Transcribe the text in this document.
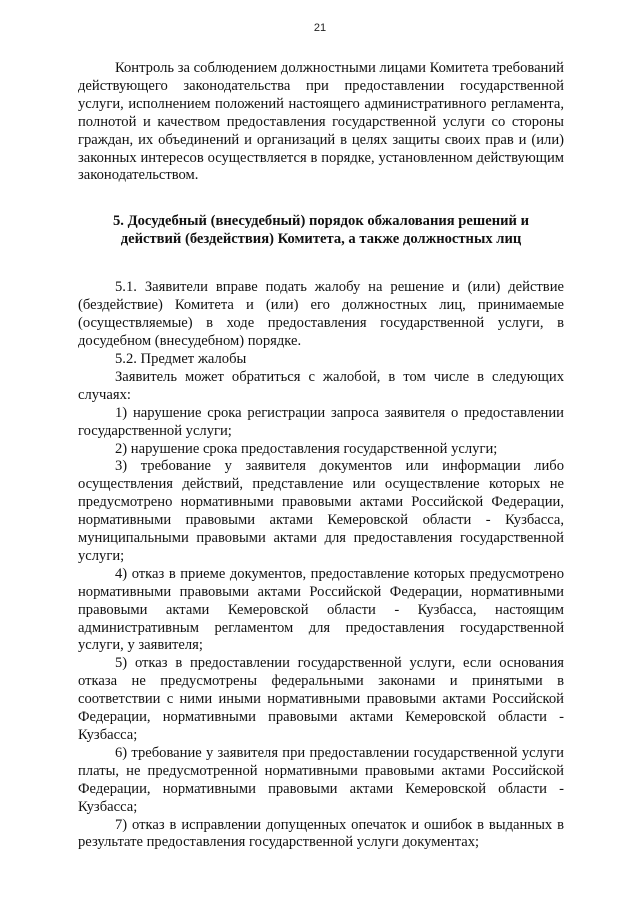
21

Контроль за соблюдением должностными лицами Комитета требований действующего законодательства при предоставлении государственной услуги, исполнением положений настоящего административного регламента, полнотой и качеством предоставления государственной услуги со стороны граждан, их объединений и организаций в целях защиты своих прав и (или) законных интересов осуществляется в порядке, установленном действующим законодательством.

5. Досудебный (внесудебный) порядок обжалования решений и
действий (бездействия) Комитета, а также должностных лиц

5.1. Заявители вправе подать жалобу на решение и (или) действие (бездействие) Комитета и (или) его должностных лиц, принимаемые (осуществляемые) в ходе предоставления государственной услуги, в досудебном (внесудебном) порядке.

5.2. Предмет жалобы

Заявитель может обратиться с жалобой, в том числе в следующих случаях:

1) нарушение срока регистрации запроса заявителя о предоставлении государственной услуги;

2) нарушение срока предоставления государственной услуги;

3) требование у заявителя документов или информации либо осуществления действий, представление или осуществление которых не предусмотрено нормативными правовыми актами Российской Федерации, нормативными правовыми актами Кемеровской области - Кузбасса, муниципальными правовыми актами для предоставления государственной услуги;

4) отказ в приеме документов, предоставление которых предусмотрено нормативными правовыми актами Российской Федерации, нормативными правовыми актами Кемеровской области - Кузбасса, настоящим административным регламентом для предоставления государственной услуги, у заявителя;

5) отказ в предоставлении государственной услуги, если основания отказа не предусмотрены федеральными законами и принятыми в соответствии с ними иными нормативными правовыми актами Российской Федерации, нормативными правовыми актами Кемеровской области - Кузбасса;

6) требование у заявителя при предоставлении государственной услуги платы, не предусмотренной нормативными правовыми актами Российской Федерации, нормативными правовыми актами Кемеровской области - Кузбасса;

7) отказ в исправлении допущенных опечаток и ошибок в выданных в результате предоставления государственной услуги документах;
